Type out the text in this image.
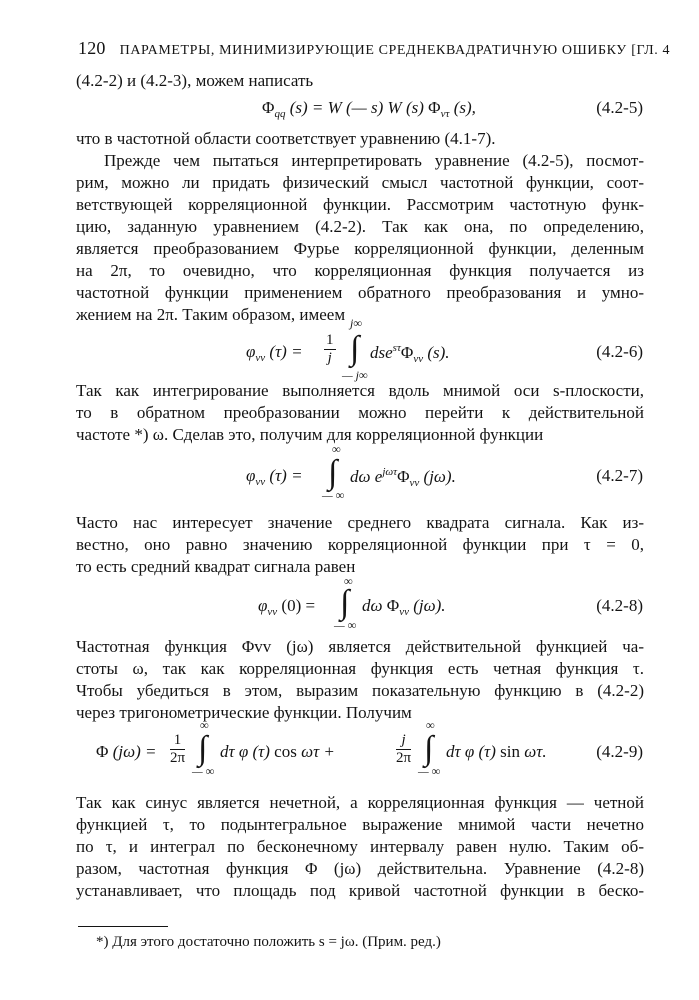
120 ПАРАМЕТРЫ, МИНИМИЗИРУЮЩИЕ СРЕДНЕКВАДРАТИЧНУЮ ОШИБКУ [ГЛ. 4
(4.2-2) и (4.2-3), можем написать
$\Phi_{qq}$ (s) = W (— s) W (s) $\Phi_{v\tau}$ (s),	(4.2-5)
что в частотной области соответствует уравнению (4.1-7).
Прежде чем пытаться интерпретировать уравнение (4.2-5), посмот-
рим, можно ли придать физический смысл частотной функции, соот-
ветствующей корреляционной функции. Рассмотрим частотную функ-
цию, заданную уравнением (4.2-2). Так как она, по определению,
является преобразованием Фурье корреляционной функции, деленным
на 2π, то очевидно, что корреляционная функция получается из
частотной функции применением обратного преобразования и умно-
жением на 2π. Таким образом, имеем
$\varphi_{vv}$ $(\tau) = \frac{1}{j}$
j∞
∫
— j∞
$dse^{s\tau}\Phi_{vv}$ (s).	(4.2-6)
Так как интегрирование выполняется вдоль мнимой оси s-плоскости,
то в обратном преобразовании можно перейти к действительной
частоте *) ω. Сделав это, получим для корреляционной функции
$\varphi_{vv}$ (τ) =
∞
∫
— ∞
dω $e^{j\omega\tau}\Phi_{vv}$ (jω).	(4.2-7)
Часто нас интересует значение среднего квадрата сигнала. Как из-
вестно, оно равно значению корреляционной функции при τ = 0,
то есть средний квадрат сигнала равен
$\varphi_{vv}$ (0) =
∞
∫
— ∞
dω $\Phi_{vv}$ (jω).	(4.2-8)
Частотная функция Φvv (jω) является действительной функцией ча-
стоты ω, так как корреляционная функция есть четная функция τ.
Чтобы убедиться в этом, выразим показательную функцию в (4.2-2)
через тригонометрические функции. Получим
Φ $(j\omega) = \frac{1}{2\pi}$
∞
∫
— ∞
dτ φ (τ) cos ωτ +	$\frac{j}{2\pi}$
∞
∫
— ∞
dτ φ (τ) sin ωτ.	(4.2-9)
Так как синус является нечетной, а корреляционная функция — четной
функцией τ, то подынтегральное выражение мнимой части нечетно
по τ, и интеграл по бесконечному интервалу равен нулю. Таким об-
разом, частотная функция Φ (jω) действительна. Уравнение (4.2-8)
устанавливает, что площадь под кривой частотной функции в беско-
*) Для этого достаточно положить s = jω. (Прим. ред.)
